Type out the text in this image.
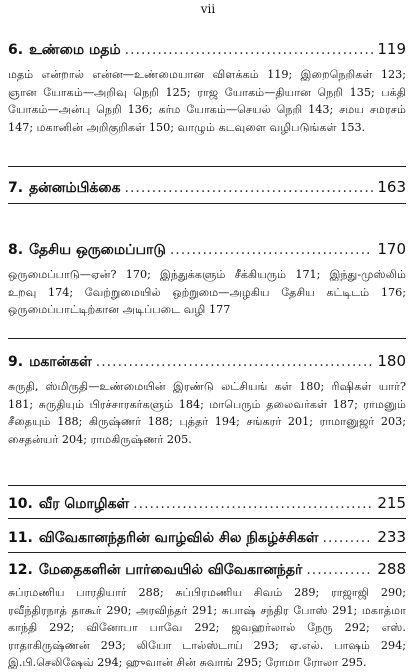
vii
6. உண்மை மதம் .....	119
மதம் என்றால் என்ன—உண்மையான விளக்கம் 119; இறைநெறிகள் 123; ஞான யோகம்—அறிவு நெறி 125; ராஜ யோகம்—தியான நெறி 135; பக்தி யோகம்—அன்பு நெறி 136; கர்ம யோகம்—செயல் நெறி 143; சமய சமரசம் 147; மகானின் அறிகுறிகள் 150; வாழும் கடவுளை வழிபடுங்கள் 153.
7. தன்னம்பிக்கை .....	163
8. தேசிய ஒருமைப்பாடு .....	170
ஒருமைப்பாடு—ஏன்? 170; இந்துக்களும் சீக்கியரும் 171; இந்து-முஸ்லிம் உறவு 174; வேற்றுமையில் ஒற்றுமை—அழகிய தேசிய கட்டிடம் 176; ஒருமைப்பாட்டிற்கான அடிப்படை வழி 177
9. மகான்கள் .....	180
சுருதி, ஸ்மிருதி—உண்மையின் இரண்டு லட்சியங் கள் 180; ரிஷிகள் யார்? 181; சுருதியும் பிரச்சாரகர்களும் 184; மாபெரும் தலைவர்கள் 187; ராமனும் சீதையும் 188; கிருஷ்ணர் 188; புத்தர் 194; சங்கரர் 201; ராமானுஜர் 203; சைதன்யர் 204; ராமகிருஷ்ணர் 205.
10. வீர மொழிகள் .....	215
11. விவேகானந்தரின் வாழ்வில் சில நிகழ்ச்சிகள் .....	233
12. மேதைகளின் பார்வையில் விவேகானந்தர் .....	288
சுப்ரமணிய பாரதியார் 288; சுப்பிரமணிய சிவம் 289; ராஜாஜி 290; ரவீந்திரநாத் தாகூர் 290; அரவிந்தர் 291; சுபாஷ் சந்திர போஸ் 291; மகாத்மா காந்தி 292; வினோபா பாவே 292; ஜவஹர்லால் நேரு 292; எஸ். ராதாகிருஷ்ணன் 293; லியோ டால்ஸ்டாய் 293; ஏ.எல். பாஷம் 294; இ.பி.செலிஷேவ் 294; ஹுவான் சின் சுவாங் 295; ரோமா ரோலா 295.
